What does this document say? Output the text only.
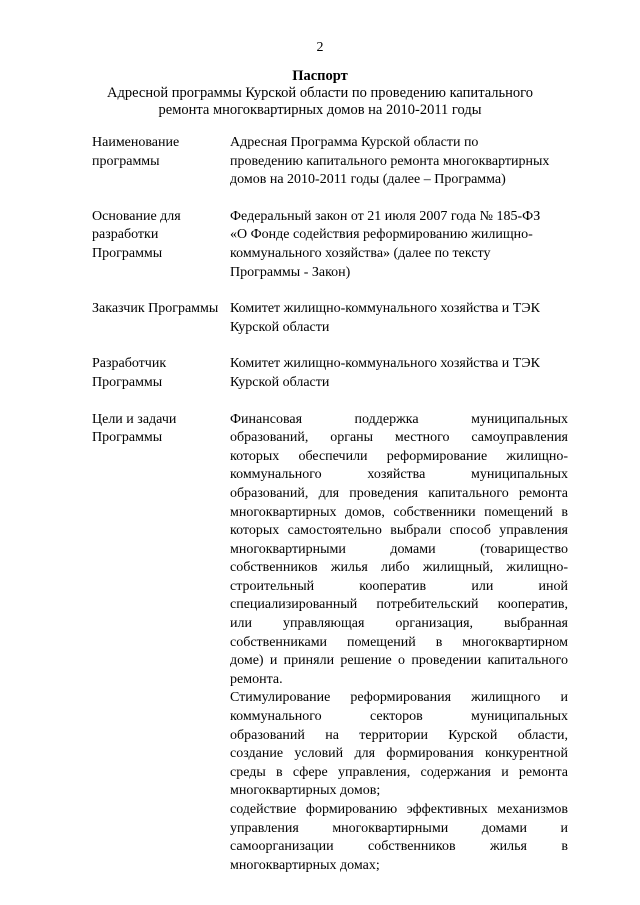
2
Паспорт
Адресной программы Курской области по проведению капитального
ремонта многоквартирных домов на 2010-2011 годы
Наименование
программы
Адресная Программа Курской области по
проведению капитального ремонта многоквартирных
домов на 2010-2011 годы (далее – Программа)
Основание для
разработки
Программы
Федеральный закон от 21 июля 2007 года № 185-ФЗ
«О Фонде содействия реформированию жилищно-
коммунального хозяйства» (далее по тексту
Программы - Закон)
Заказчик Программы Комитет жилищно-коммунального хозяйства и ТЭК
Курской области
Разработчик
Программы
Комитет жилищно-коммунального хозяйства и ТЭК
Курской области
Цели и задачи
Программы
Финансовая поддержка муниципальных
образований, органы местного самоуправления
которых обеспечили реформирование жилищно-
коммунального хозяйства муниципальных
образований, для проведения капитального ремонта
многоквартирных домов, собственники помещений в
которых самостоятельно выбрали способ управления
многоквартирными домами (товарищество
собственников жилья либо жилищный, жилищно-
строительный кооператив или иной
специализированный потребительский кооператив,
или управляющая организация, выбранная
собственниками помещений в многоквартирном
доме) и приняли решение о проведении капитального
ремонта.
Стимулирование реформирования жилищного и
коммунального секторов муниципальных
образований на территории Курской области,
создание условий для формирования конкурентной
среды в сфере управления, содержания и ремонта
многоквартирных домов;
содействие формированию эффективных механизмов
управления многоквартирными домами и
самоорганизации собственников жилья в
многоквартирных домах;
